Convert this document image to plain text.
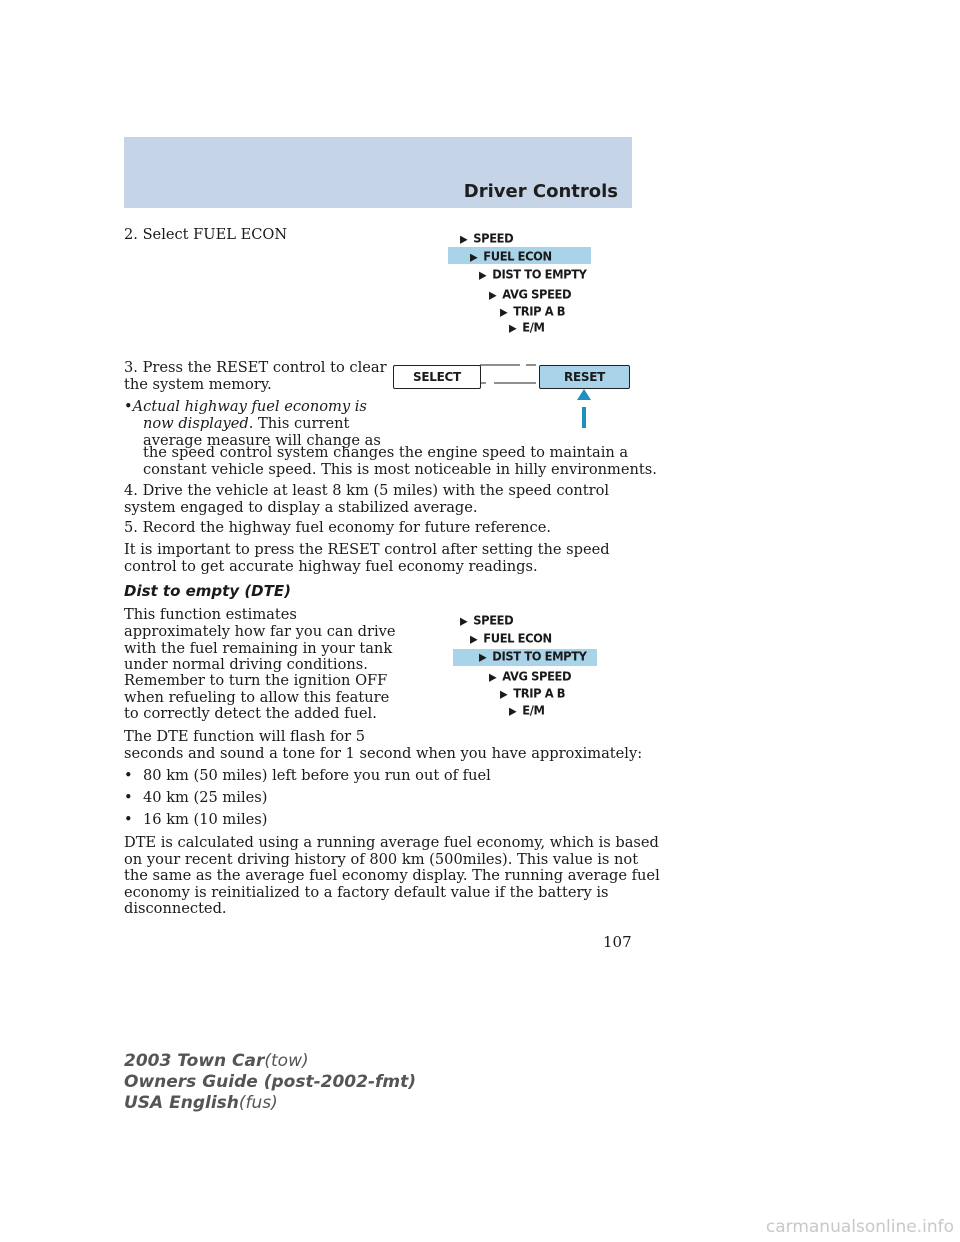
Driver Controls
2. Select FUEL ECON	▶ SPEED
▶ FUEL ECON
▶ DIST TO EMPTY
▶ AVG SPEED
▶ TRIP A B
▶ E/M
3. Press the RESET control to clear
the system memory.	SELECT	RESET
•Actual highway fuel economy is
now displayed. This current
average measure will change as
the speed control system changes the engine speed to maintain a
constant vehicle speed. This is most noticeable in hilly environments.
4. Drive the vehicle at least 8 km (5 miles) with the speed control
system engaged to display a stabilized average.
5. Record the highway fuel economy for future reference.
It is important to press the RESET control after setting the speed
control to get accurate highway fuel economy readings.
Dist to empty (DTE)
This function estimates
approximately how far you can drive
with the fuel remaining in your tank
under normal driving conditions.
Remember to turn the ignition OFF
when refueling to allow this feature
to correctly detect the added fuel.
▶ SPEED
▶ FUEL ECON
▶ DIST TO EMPTY
▶ AVG SPEED
▶ TRIP A B
▶ E/M
The DTE function will flash for 5
seconds and sound a tone for 1 second when you have approximately:
• 80 km (50 miles) left before you run out of fuel
• 40 km (25 miles)
• 16 km (10 miles)
DTE is calculated using a running average fuel economy, which is based
on your recent driving history of 800 km (500miles). This value is not
the same as the average fuel economy display. The running average fuel
economy is reinitialized to a factory default value if the battery is
disconnected.
107
2003 Town Car(tow)
Owners Guide (post-2002-fmt)
USA English(fus)
carmanualsonline.info
